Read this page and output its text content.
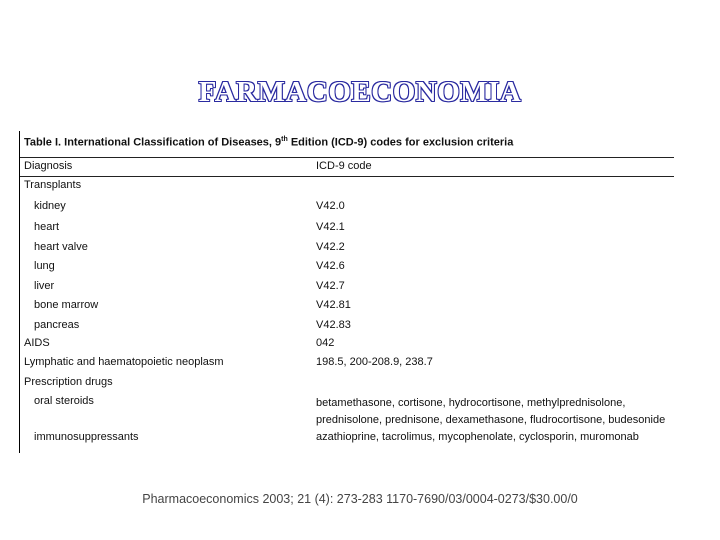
FARMACOECONOMIA
Table I. International Classification of Diseases, 9th Edition (ICD-9) codes for exclusion criteria
Diagnosis	ICD-9 code
Transplants
kidney	V42.0
heart	V42.1
heart valve	V42.2
lung	V42.6
liver	V42.7
bone marrow	V42.81
pancreas	V42.83
AIDS	042
Lymphatic and haematopoietic neoplasm	198.5, 200-208.9, 238.7
Prescription drugs
oral steroids	betamethasone, cortisone, hydrocortisone, methylprednisolone,
prednisolone, prednisone, dexamethasone, fludrocortisone, budesonide
immunosuppressants	azathioprine, tacrolimus, mycophenolate, cyclosporin, muromonab
Pharmacoeconomics 2003; 21 (4): 273-283 1170-7690/03/0004-0273/$30.00/0
